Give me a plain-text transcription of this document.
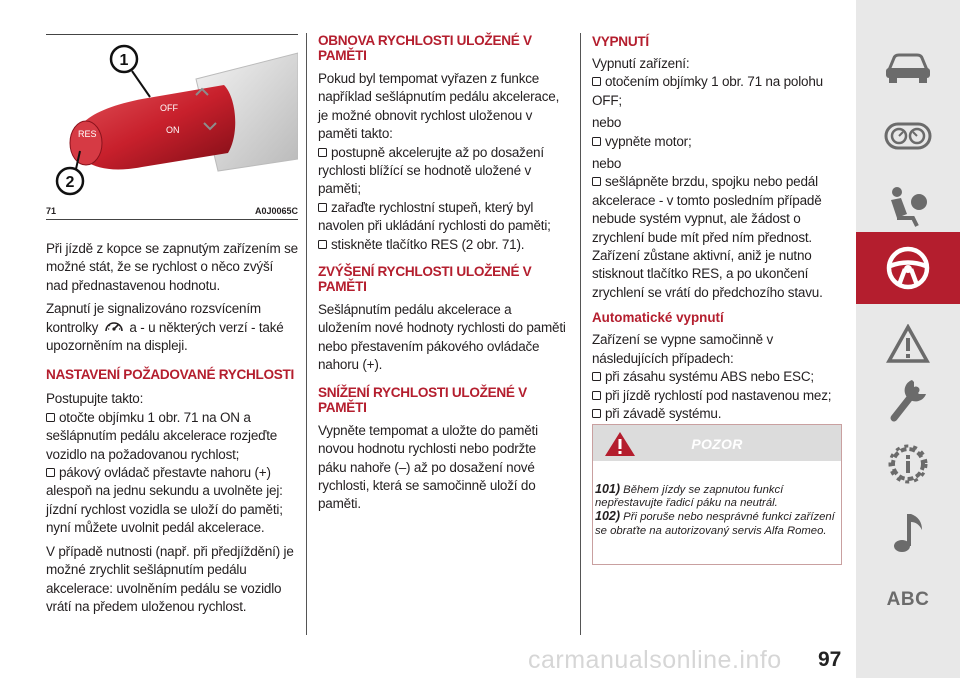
RES
OFF
ON
1
2
71	A0J0065C

Při jízdě z kopce se zapnutým zařízením se možné stát, že se rychlost o něco zvýší nad přednastavenou hodnotu.

Zapnutí je signalizováno rozsvícením kontrolky a - u některých verzí - také upozorněním na displeji.

NASTAVENÍ POŽADOVANÉ RYCHLOSTI

Postupujte takto:

otočte objímku 1 obr. 71 na ON a sešlápnutím pedálu akcelerace rozjeďte vozidlo na požadovanou rychlost;

pákový ovládač přestavte nahoru (+) alespoň na jednu sekundu a uvolněte jej: jízdní rychlost vozidla se uloží do paměti; nyní můžete uvolnit pedál akcelerace.

V případě nutnosti (např. při předjíždění) je možné zrychlit sešlápnutím pedálu akcelerace: uvolněním pedálu se vozidlo vrátí na předem uloženou rychlost.

OBNOVA RYCHLOSTI ULOŽENÉ V PAMĚTI

Pokud byl tempomat vyřazen z funkce například sešlápnutím pedálu akcelerace, je možné obnovit rychlost uloženou v paměti takto:

postupně akcelerujte až po dosažení rychlosti blížící se hodnotě uložené v paměti;

zařaďte rychlostní stupeň, který byl navolen při ukládání rychlosti do paměti;

stiskněte tlačítko RES (2 obr. 71).

ZVÝŠENÍ RYCHLOSTI ULOŽENÉ V PAMĚTI

Sešlápnutím pedálu akcelerace a uložením nové hodnoty rychlosti do paměti nebo přestavením pákového ovládače nahoru (+).

SNÍŽENÍ RYCHLOSTI ULOŽENÉ V PAMĚTI

Vypněte tempomat a uložte do paměti novou hodnotu rychlosti nebo podržte páku nahoře (–) až po dosažení nové rychlosti, která se samočinně uloží do paměti.

VYPNUTÍ

Vypnutí zařízení:

otočením objímky 1 obr. 71 na polohu OFF;

nebo

vypněte motor;

nebo

sešlápněte brzdu, spojku nebo pedál akcelerace - v tomto posledním případě nebude systém vypnut, ale žádost o zrychlení bude mít před ním přednost. Zařízení zůstane aktivní, aniž je nutno stisknout tlačítko RES, a po ukončení zrychlení se vrátí do předchozího stavu.

Automatické vypnutí

Zařízení se vypne samočinně v následujících případech:

při zásahu systému ABS nebo ESC;

při jízdě rychlostí pod nastavenou mez;

při závadě systému.

POZOR
101) Během jízdy se zapnutou funkcí nepřestavujte řadicí páku na neutrál.
102) Při poruše nebo nesprávné funkci zařízení se obraťte na autorizovaný servis Alfa Romeo.
ABC
carmanualsonline.info 97
